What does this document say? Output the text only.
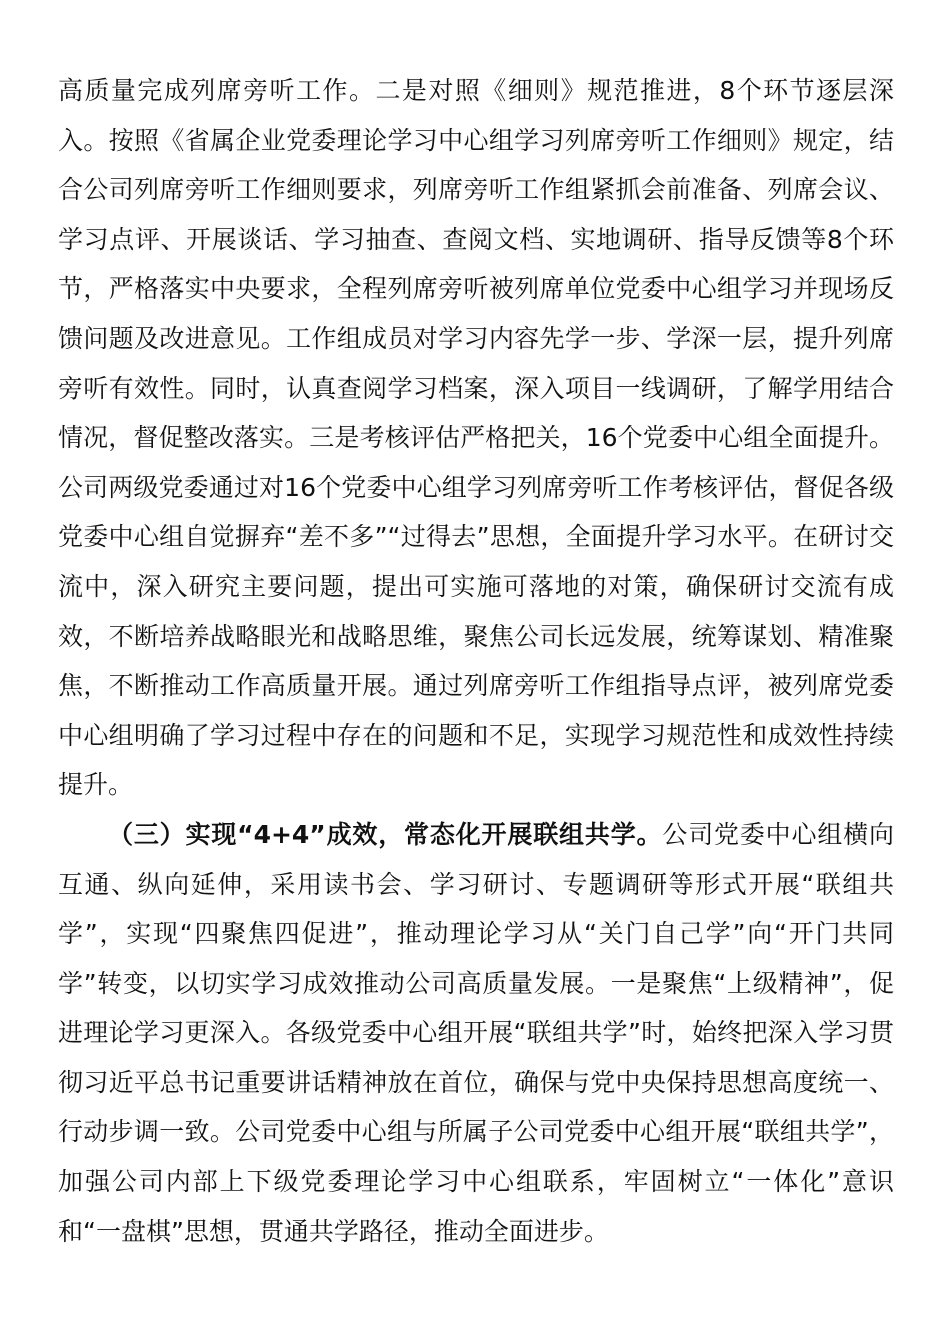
高质量完成列席旁听工作。二是对照《细则》规范推进，8个环节逐层深入。按照《省属企业党委理论学习中心组学习列席旁听工作细则》规定，结合公司列席旁听工作细则要求，列席旁听工作组紧抓会前准备、列席会议、学习点评、开展谈话、学习抽查、查阅文档、实地调研、指导反馈等8个环节，严格落实中央要求，全程列席旁听被列席单位党委中心组学习并现场反馈问题及改进意见。工作组成员对学习内容先学一步、学深一层，提升列席旁听有效性。同时，认真查阅学习档案，深入项目一线调研，了解学用结合情况，督促整改落实。三是考核评估严格把关，16个党委中心组全面提升。公司两级党委通过对16个党委中心组学习列席旁听工作考核评估，督促各级党委中心组自觉摒弃“差不多”“过得去”思想，全面提升学习水平。在研讨交流中，深入研究主要问题，提出可实施可落地的对策，确保研讨交流有成效，不断培养战略眼光和战略思维，聚焦公司长远发展，统筹谋划、精准聚焦，不断推动工作高质量开展。通过列席旁听工作组指导点评，被列席党委中心组明确了学习过程中存在的问题和不足，实现学习规范性和成效性持续提升。

（三）实现“4+4”成效，常态化开展联组共学。公司党委中心组横向互通、纵向延伸，采用读书会、学习研讨、专题调研等形式开展“联组共学”，实现“四聚焦四促进”，推动理论学习从“关门自己学”向“开门共同学”转变，以切实学习成效推动公司高质量发展。一是聚焦“上级精神”，促进理论学习更深入。各级党委中心组开展“联组共学”时，始终把深入学习贯彻习近平总书记重要讲话精神放在首位，确保与党中央保持思想高度统一、行动步调一致。公司党委中心组与所属子公司党委中心组开展“联组共学”，加强公司内部上下级党委理论学习中心组联系，牢固树立“一体化”意识和“一盘棋”思想，贯通共学路径，推动全面进步。
